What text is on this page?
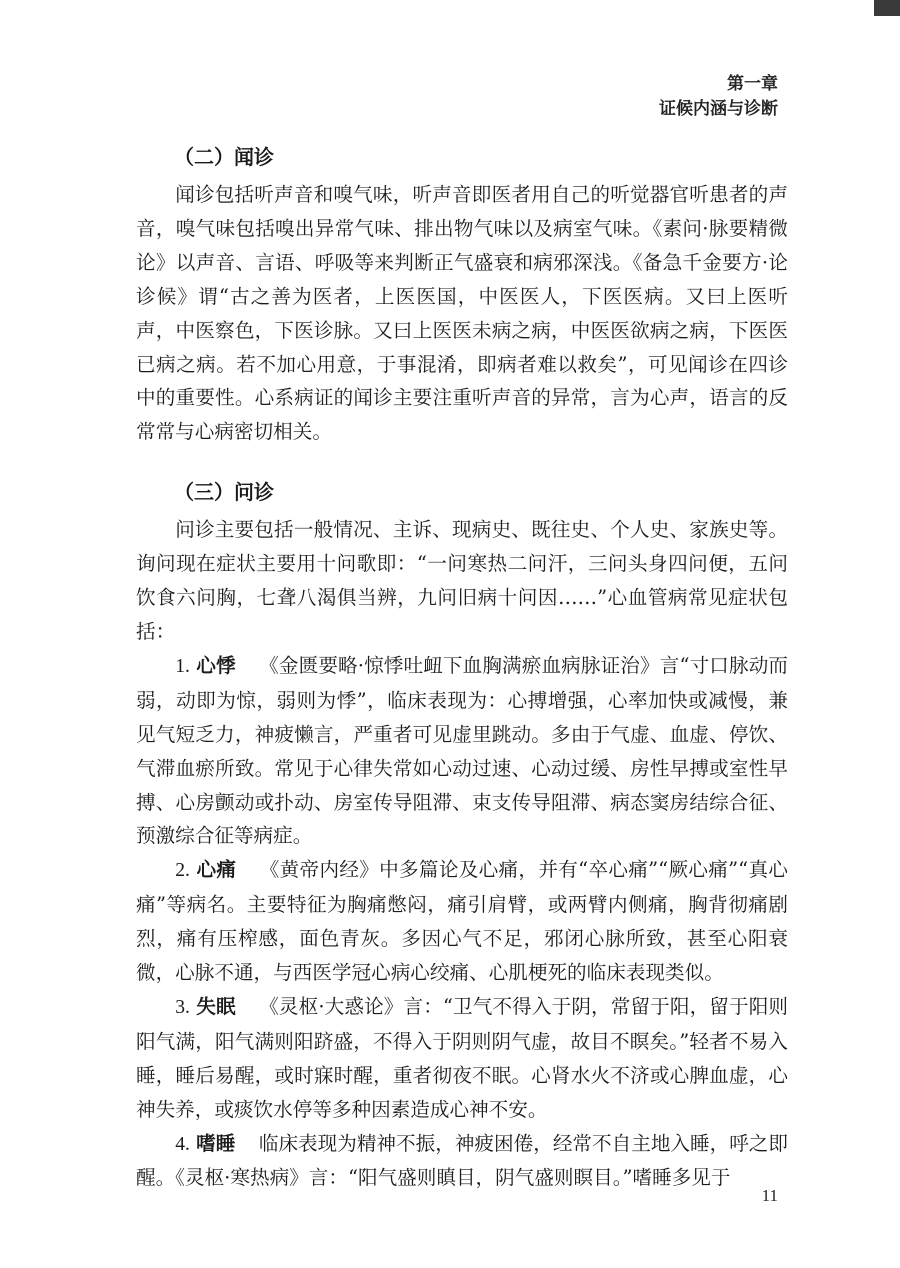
第一章
证候内涵与诊断

（二）闻诊

闻诊包括听声音和嗅气味，听声音即医者用自己的听觉器官听患者的声音，嗅气味包括嗅出异常气味、排出物气味以及病室气味。《素问·脉要精微论》以声音、言语、呼吸等来判断正气盛衰和病邪深浅。《备急千金要方·论诊候》谓“古之善为医者，上医医国，中医医人，下医医病。又曰上医听声，中医察色，下医诊脉。又曰上医医未病之病，中医医欲病之病，下医医已病之病。若不加心用意，于事混淆，即病者难以救矣”，可见闻诊在四诊中的重要性。心系病证的闻诊主要注重听声音的异常，言为心声，语言的反常常与心病密切相关。

（三）问诊

问诊主要包括一般情况、主诉、现病史、既往史、个人史、家族史等。询问现在症状主要用十问歌即：“一问寒热二问汗，三问头身四问便，五问饮食六问胸，七聋八渴俱当辨，九问旧病十问因……”心血管病常见症状包括：

1. 心悸 《金匮要略·惊悸吐衄下血胸满瘀血病脉证治》言“寸口脉动而弱，动即为惊，弱则为悸”，临床表现为：心搏增强，心率加快或减慢，兼见气短乏力，神疲懒言，严重者可见虚里跳动。多由于气虚、血虚、停饮、气滞血瘀所致。常见于心律失常如心动过速、心动过缓、房性早搏或室性早搏、心房颤动或扑动、房室传导阻滞、束支传导阻滞、病态窦房结综合征、预激综合征等病症。

2. 心痛 《黄帝内经》中多篇论及心痛，并有“卒心痛”“厥心痛”“真心痛”等病名。主要特征为胸痛憋闷，痛引肩臂，或两臂内侧痛，胸背彻痛剧烈，痛有压榨感，面色青灰。多因心气不足，邪闭心脉所致，甚至心阳衰微，心脉不通，与西医学冠心病心绞痛、心肌梗死的临床表现类似。

3. 失眠 《灵枢·大惑论》言：“卫气不得入于阴，常留于阳，留于阳则阳气满，阳气满则阳跻盛，不得入于阴则阴气虚，故目不瞑矣。”轻者不易入睡，睡后易醒，或时寐时醒，重者彻夜不眠。心肾水火不济或心脾血虚，心神失养，或痰饮水停等多种因素造成心神不安。

4. 嗜睡 临床表现为精神不振，神疲困倦，经常不自主地入睡，呼之即醒。《灵枢·寒热病》言：“阳气盛则瞋目，阴气盛则瞑目。”嗜睡多见于

11
